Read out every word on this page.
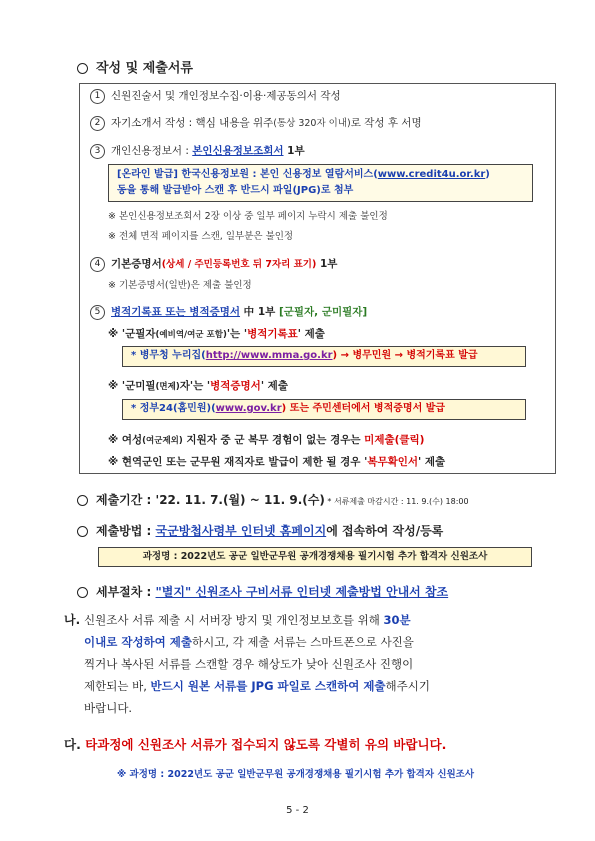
작성 및 제출서류
1 신원진술서 및 개인정보수집·이용·제공동의서 작성
2 자기소개서 작성 : 핵심 내용을 위주(통상 320자 이내)로 작성 후 서명
3 개인신용정보서 : 본인신용정보조회서 1부
[온라인 발급] 한국신용정보원 : 본인 신용정보 열람서비스(www.credit4u.or.kr)
동을 통해 발급받아 스캔 후 반드시 파일(JPG)로 첨부
※ 본인신용정보조회서 2장 이상 중 일부 페이지 누락시 제출 불인정
※ 전체 면적 페이지를 스캔, 일부분은 불인정
4 기본증명서(상세 / 주민등록번호 뒤 7자리 표기) 1부
※ 기본증명서(일반)은 제출 불인정
5 병적기록표 또는 병적증명서 中 1부 [군필자, 군미필자]
※ '군필자(예비역/여군 포함)'는 '병적기록표' 제출
* 병무청 누리집(http://www.mma.go.kr) → 병무민원 → 병적기록표 발급
※ '군미필(면제)자'는 '병적증명서' 제출
* 정부24(홈민원)(www.gov.kr) 또는 주민센터에서 병적증명서 발급
※ 여성(여군제외) 지원자 중 군 복무 경험이 없는 경우는 미제출(클릭)
※ 현역군인 또는 군무원 재직자로 발급이 제한 될 경우 '복무확인서' 제출
제출기간 : '22. 11. 7.(월) ~ 11. 9.(수) * 서류제출 마감시간 : 11. 9.(수) 18:00
제출방법 : 국군방첩사령부 인터넷 홈페이지에 접속하여 작성/등록
과정명 : 2022년도 공군 일반군무원 공개경쟁채용 필기시험 추가 합격자 신원조사
세부절차 : "별지" 신원조사 구비서류 인터넷 제출방법 안내서 참조
나. 신원조사 서류 제출 시 서버장 방지 및 개인정보보호를 위해 30분
이내로 작성하여 제출하시고, 각 제출 서류는 스마트폰으로 사진을
찍거나 복사된 서류를 스캔할 경우 해상도가 낮아 신원조사 진행이
제한되는 바, 반드시 원본 서류를 JPG 파일로 스캔하여 제출해주시기
바랍니다.
다. 타과정에 신원조사 서류가 접수되지 않도록 각별히 유의 바랍니다.
※ 과정명 : 2022년도 공군 일반군무원 공개경쟁채용 필기시험 추가 합격자 신원조사
5 - 2
